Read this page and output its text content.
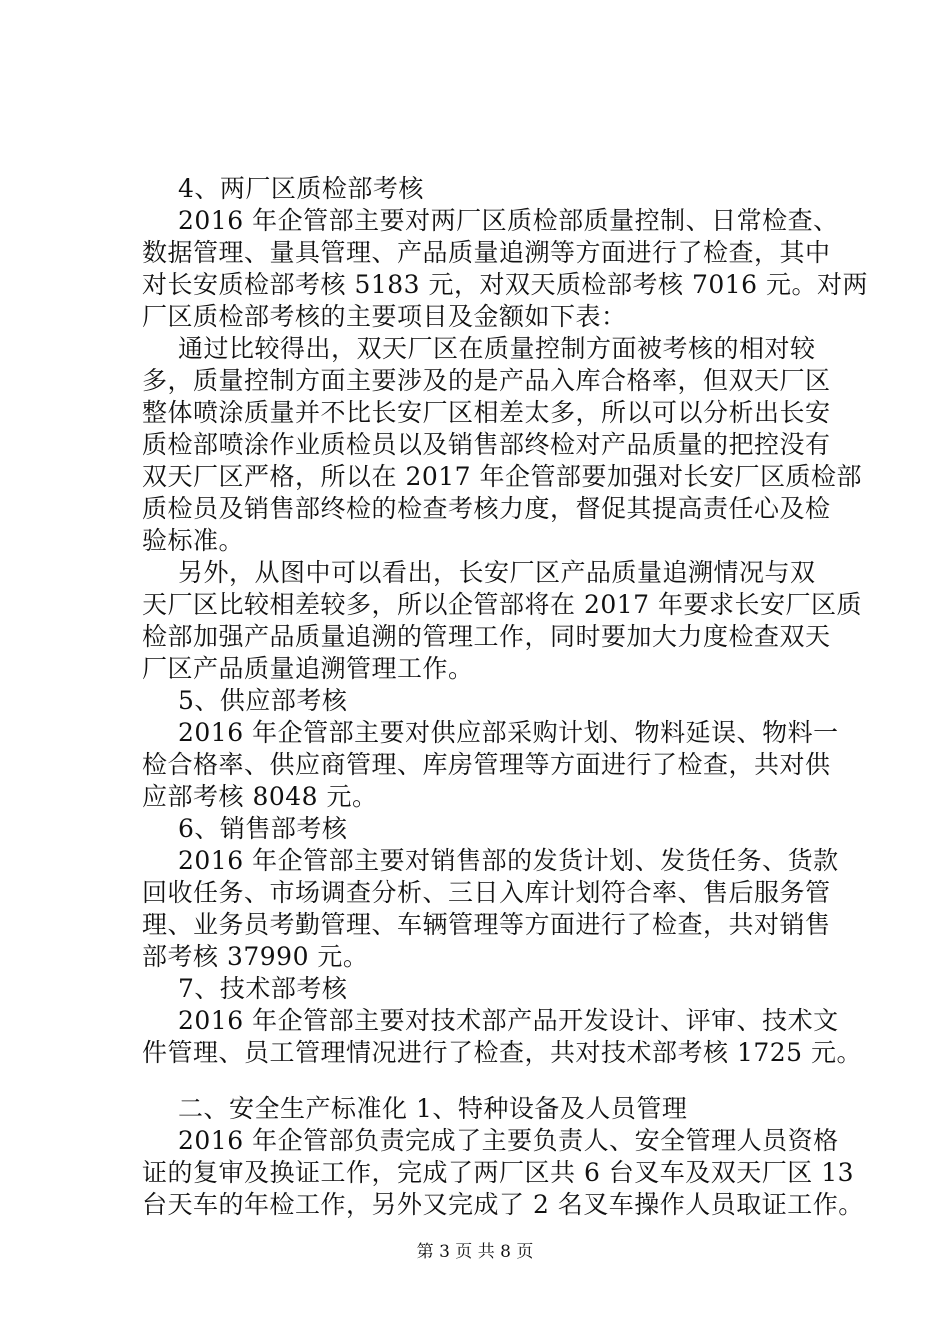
4、两厂区质检部考核
2016 年企管部主要对两厂区质检部质量控制、日常检查、
数据管理、量具管理、产品质量追溯等方面进行了检查，其中
对长安质检部考核 5183 元，对双天质检部考核 7016 元。对两
厂区质检部考核的主要项目及金额如下表：
通过比较得出，双天厂区在质量控制方面被考核的相对较
多，质量控制方面主要涉及的是产品入库合格率，但双天厂区
整体喷涂质量并不比长安厂区相差太多，所以可以分析出长安
质检部喷涂作业质检员以及销售部终检对产品质量的把控没有
双天厂区严格，所以在 2017 年企管部要加强对长安厂区质检部
质检员及销售部终检的检查考核力度，督促其提高责任心及检
验标准。
另外，从图中可以看出，长安厂区产品质量追溯情况与双
天厂区比较相差较多，所以企管部将在 2017 年要求长安厂区质
检部加强产品质量追溯的管理工作，同时要加大力度检查双天
厂区产品质量追溯管理工作。
5、供应部考核
2016 年企管部主要对供应部采购计划、物料延误、物料一
检合格率、供应商管理、库房管理等方面进行了检查，共对供
应部考核 8048 元。
6、销售部考核
2016 年企管部主要对销售部的发货计划、发货任务、货款
回收任务、市场调查分析、三日入库计划符合率、售后服务管
理、业务员考勤管理、车辆管理等方面进行了检查，共对销售
部考核 37990 元。
7、技术部考核
2016 年企管部主要对技术部产品开发设计、评审、技术文
件管理、员工管理情况进行了检查，共对技术部考核 1725 元。
二、安全生产标准化 1、特种设备及人员管理
2016 年企管部负责完成了主要负责人、安全管理人员资格
证的复审及换证工作，完成了两厂区共 6 台叉车及双天厂区 13
台天车的年检工作，另外又完成了 2 名叉车操作人员取证工作。
第 3 页 共 8 页
